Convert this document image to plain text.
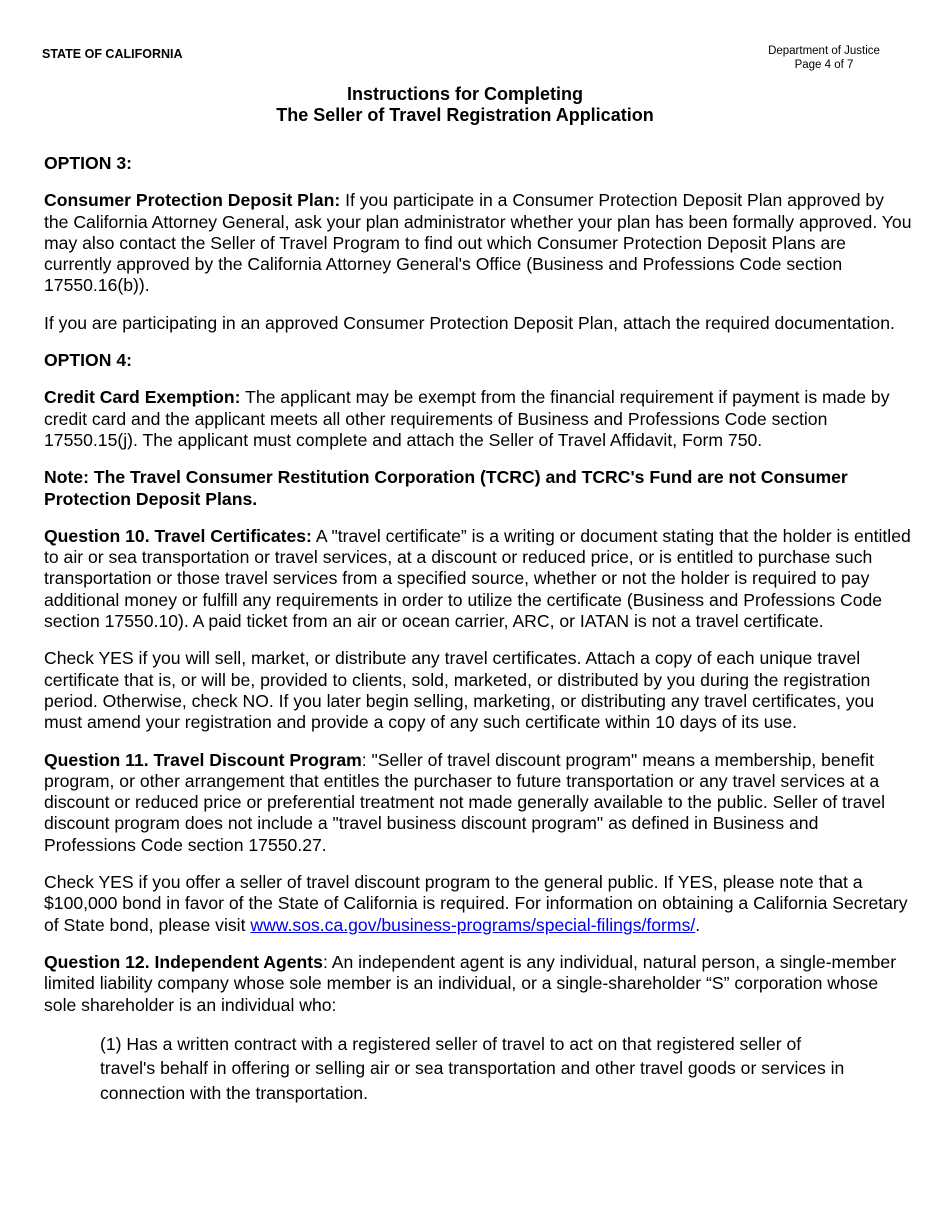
STATE OF CALIFORNIA	Department of Justice
Page 4 of 7
Instructions for Completing
The Seller of Travel Registration Application

OPTION 3:

Consumer Protection Deposit Plan: If you participate in a Consumer Protection Deposit Plan approved by the California Attorney General, ask your plan administrator whether your plan has been formally approved. You may also contact the Seller of Travel Program to find out which Consumer Protection Deposit Plans are currently approved by the California Attorney General's Office (Business and Professions Code section 17550.16(b)).

If you are participating in an approved Consumer Protection Deposit Plan, attach the required documentation.

OPTION 4:

Credit Card Exemption: The applicant may be exempt from the financial requirement if payment is made by credit card and the applicant meets all other requirements of Business and Professions Code section 17550.15(j). The applicant must complete and attach the Seller of Travel Affidavit, Form 750.

Note: The Travel Consumer Restitution Corporation (TCRC) and TCRC's Fund are not Consumer Protection Deposit Plans.

Question 10. Travel Certificates: A "travel certificate” is a writing or document stating that the holder is entitled to air or sea transportation or travel services, at a discount or reduced price, or is entitled to purchase such transportation or those travel services from a specified source, whether or not the holder is required to pay additional money or fulfill any requirements in order to utilize the certificate (Business and Professions Code section 17550.10). A paid ticket from an air or ocean carrier, ARC, or IATAN is not a travel certificate.

Check YES if you will sell, market, or distribute any travel certificates. Attach a copy of each unique travel certificate that is, or will be, provided to clients, sold, marketed, or distributed by you during the registration period. Otherwise, check NO. If you later begin selling, marketing, or distributing any travel certificates, you must amend your registration and provide a copy of any such certificate within 10 days of its use.

Question 11. Travel Discount Program: "Seller of travel discount program" means a membership, benefit program, or other arrangement that entitles the purchaser to future transportation or any travel services at a discount or reduced price or preferential treatment not made generally available to the public. Seller of travel discount program does not include a "travel business discount program" as defined in Business and Professions Code section 17550.27.

Check YES if you offer a seller of travel discount program to the general public. If YES, please note that a $100,000 bond in favor of the State of California is required. For information on obtaining a California Secretary of State bond, please visit www.sos.ca.gov/business-programs/special-filings/forms/.

Question 12. Independent Agents: An independent agent is any individual, natural person, a single-member limited liability company whose sole member is an individual, or a single-shareholder “S” corporation whose sole shareholder is an individual who:

(1) Has a written contract with a registered seller of travel to act on that registered seller of travel's behalf in offering or selling air or sea transportation and other travel goods or services in connection with the transportation.
